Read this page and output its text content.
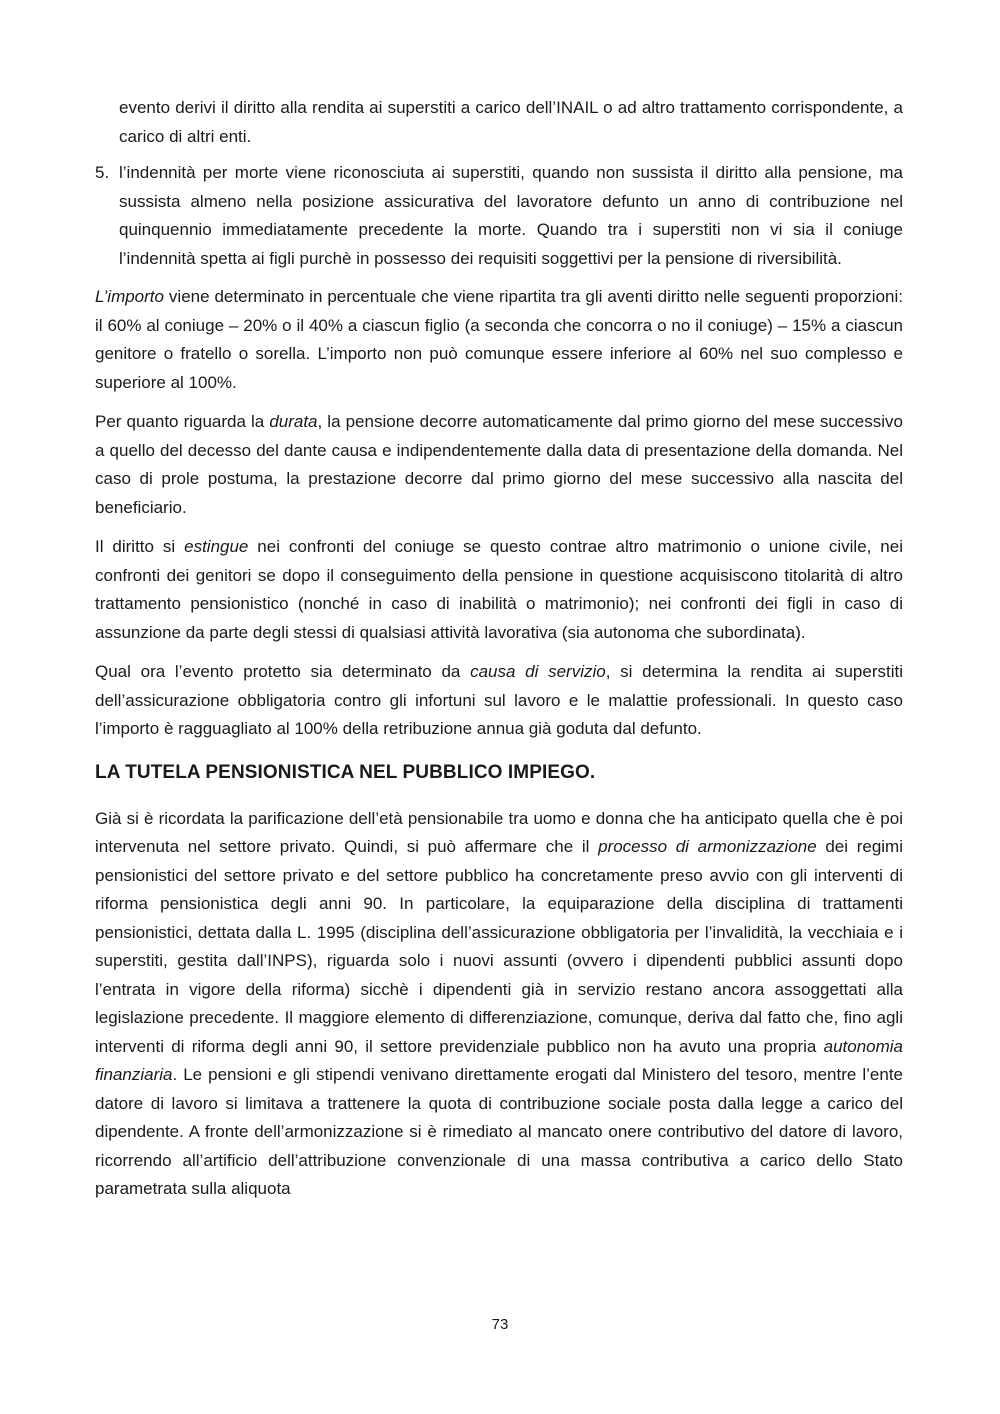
evento derivi il diritto alla rendita ai superstiti a carico dell’INAIL o ad altro trattamento corrispondente, a carico di altri enti.

5. l’indennità per morte viene riconosciuta ai superstiti, quando non sussista il diritto alla pensione, ma sussista almeno nella posizione assicurativa del lavoratore defunto un anno di contribuzione nel quinquennio immediatamente precedente la morte. Quando tra i superstiti non vi sia il coniuge l’indennità spetta ai figli purchè in possesso dei requisiti soggettivi per la pensione di riversibilità.

L’importo viene determinato in percentuale che viene ripartita tra gli aventi diritto nelle seguenti proporzioni: il 60% al coniuge – 20% o il 40% a ciascun figlio (a seconda che concorra o no il coniuge) – 15% a ciascun genitore o fratello o sorella. L’importo non può comunque essere inferiore al 60% nel suo complesso e superiore al 100%.

Per quanto riguarda la durata, la pensione decorre automaticamente dal primo giorno del mese successivo a quello del decesso del dante causa e indipendentemente dalla data di presentazione della domanda. Nel caso di prole postuma, la prestazione decorre dal primo giorno del mese successivo alla nascita del beneficiario.

Il diritto si estingue nei confronti del coniuge se questo contrae altro matrimonio o unione civile, nei confronti dei genitori se dopo il conseguimento della pensione in questione acquisiscono titolarità di altro trattamento pensionistico (nonché in caso di inabilità o matrimonio); nei confronti dei figli in caso di assunzione da parte degli stessi di qualsiasi attività lavorativa (sia autonoma che subordinata).

Qual ora l’evento protetto sia determinato da causa di servizio, si determina la rendita ai superstiti dell’assicurazione obbligatoria contro gli infortuni sul lavoro e le malattie professionali. In questo caso l’importo è ragguagliato al 100% della retribuzione annua già goduta dal defunto.

LA TUTELA PENSIONISTICA NEL PUBBLICO IMPIEGO.

Già si è ricordata la parificazione dell’età pensionabile tra uomo e donna che ha anticipato quella che è poi intervenuta nel settore privato. Quindi, si può affermare che il processo di armonizzazione dei regimi pensionistici del settore privato e del settore pubblico ha concretamente preso avvio con gli interventi di riforma pensionistica degli anni 90. In particolare, la equiparazione della disciplina di trattamenti pensionistici, dettata dalla L. 1995 (disciplina dell’assicurazione obbligatoria per l’invalidità, la vecchiaia e i superstiti, gestita dall’INPS), riguarda solo i nuovi assunti (ovvero i dipendenti pubblici assunti dopo l’entrata in vigore della riforma) sicchè i dipendenti già in servizio restano ancora assoggettati alla legislazione precedente. Il maggiore elemento di differenziazione, comunque, deriva dal fatto che, fino agli interventi di riforma degli anni 90, il settore previdenziale pubblico non ha avuto una propria autonomia finanziaria. Le pensioni e gli stipendi venivano direttamente erogati dal Ministero del tesoro, mentre l’ente datore di lavoro si limitava a trattenere la quota di contribuzione sociale posta dalla legge a carico del dipendente. A fronte dell’armonizzazione si è rimediato al mancato onere contributivo del datore di lavoro, ricorrendo all’artificio dell’attribuzione convenzionale di una massa contributiva a carico dello Stato parametrata sulla aliquota

73
